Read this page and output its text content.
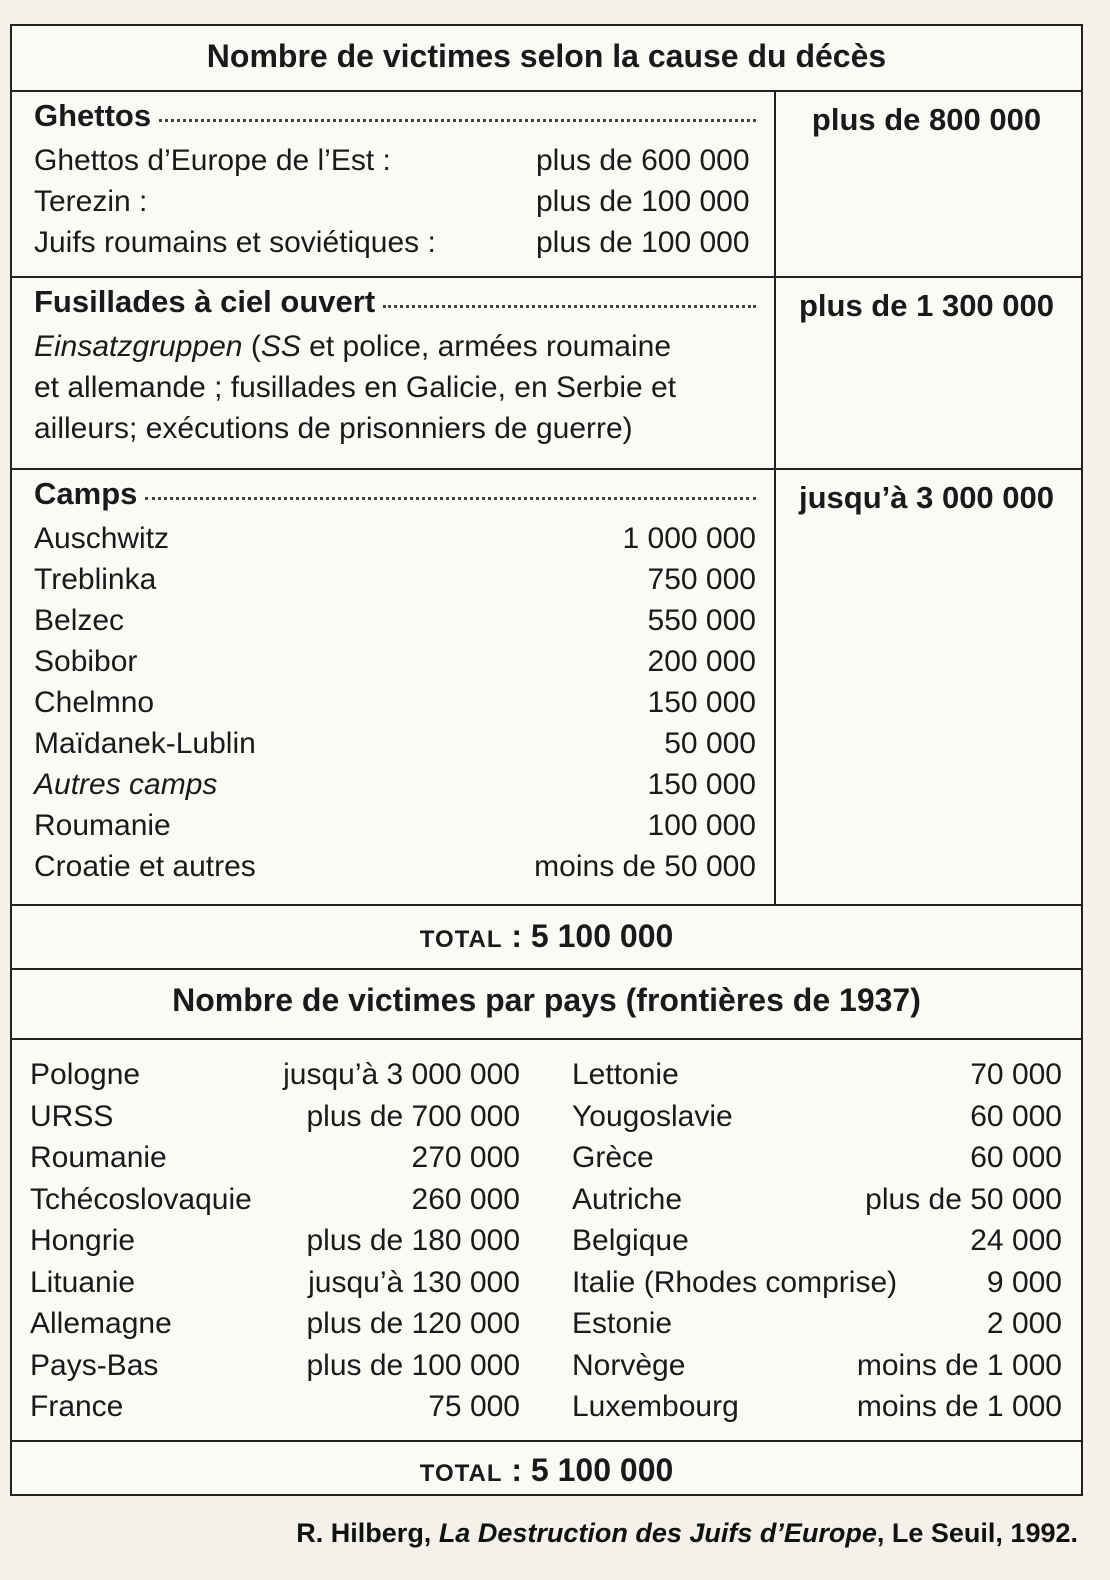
Nombre de victimes selon la cause du décès
Ghettos
Ghettos d’Europe de l’Est :	plus de 600 000
Terezin :	plus de 100 000
Juifs roumains et soviétiques :	plus de 100 000
plus de 800 000
Fusillades à ciel ouvert
Einsatzgruppen (SS et police, armées roumaine
et allemande ; fusillades en Galicie, en Serbie et
ailleurs; exécutions de prisonniers de guerre)
plus de 1 300 000
Camps
Auschwitz	1 000 000
Treblinka	750 000
Belzec	550 000
Sobibor	200 000
Chelmno	150 000
Maïdanek-Lublin	50 000
Autres camps	150 000
Roumanie	100 000
Croatie et autres	moins de 50 000
jusqu’à 3 000 000
TOTAL : 5 100 000
Nombre de victimes par pays (frontières de 1937)
Pologne	jusqu’à 3 000 000
URSS	plus de 700 000
Roumanie	270 000
Tchécoslovaquie	260 000
Hongrie	plus de 180 000
Lituanie	jusqu’à 130 000
Allemagne	plus de 120 000
Pays-Bas	plus de 100 000
France	75 000
Lettonie	70 000
Yougoslavie	60 000
Grèce	60 000
Autriche	plus de 50 000
Belgique	24 000
Italie (Rhodes comprise)	9 000
Estonie	2 000
Norvège	moins de 1 000
Luxembourg	moins de 1 000
TOTAL : 5 100 000
R. Hilberg, La Destruction des Juifs d’Europe, Le Seuil, 1992.
